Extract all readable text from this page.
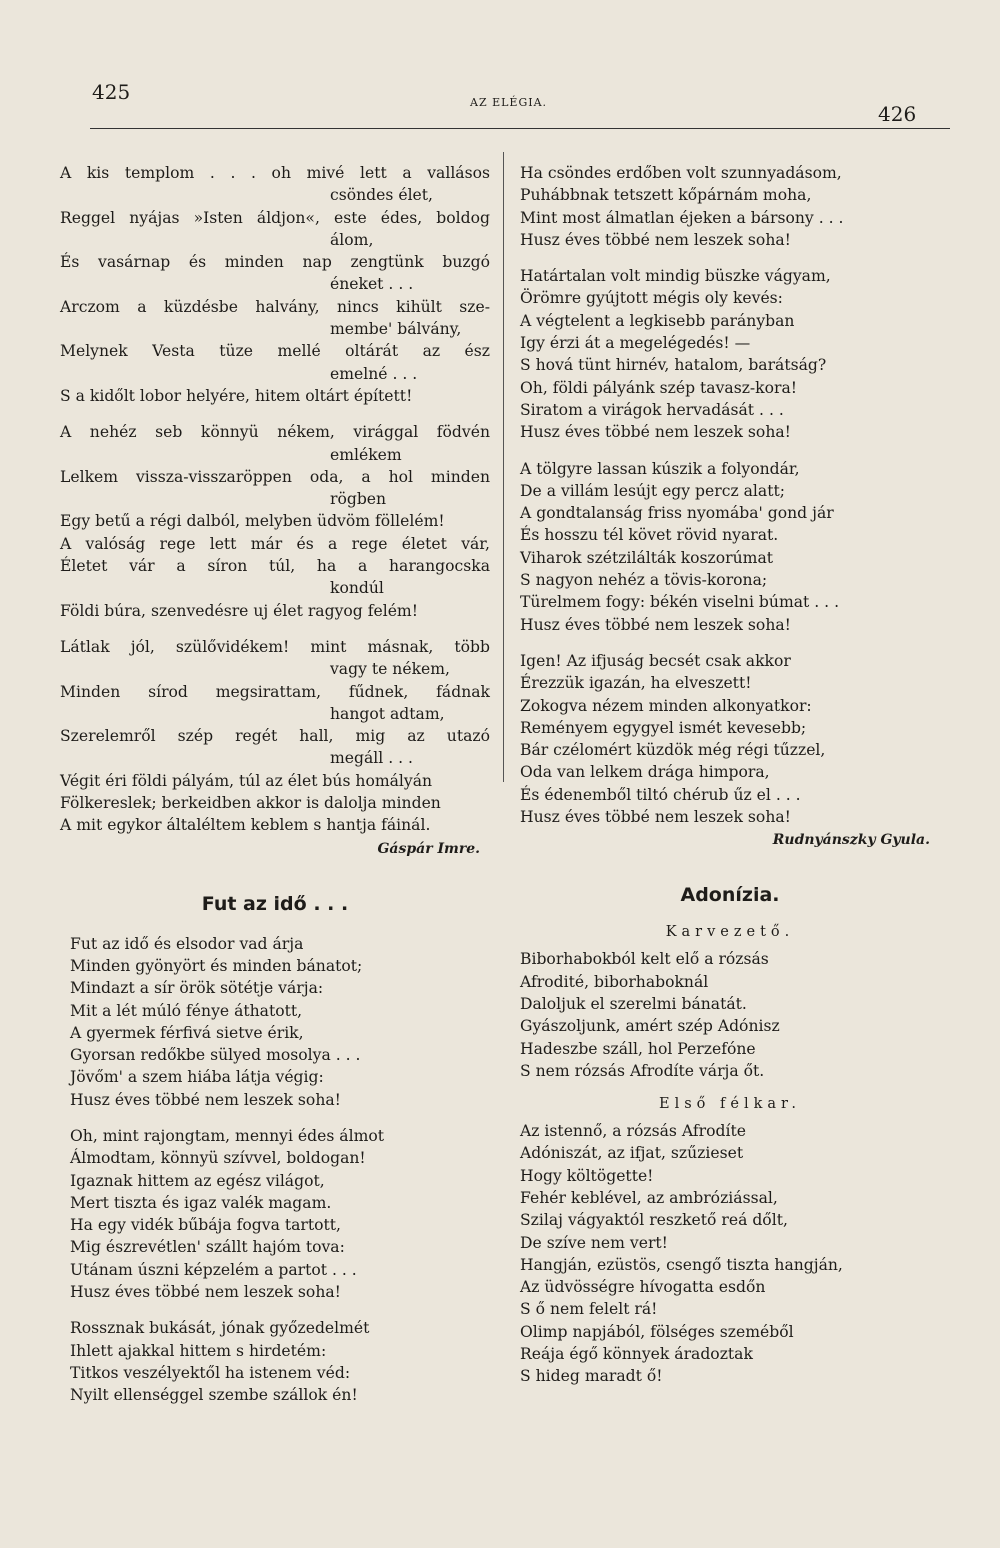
425	AZ ELÉGIA.	426
A kis templom . . . oh mivé lett a vallásos
csöndes élet,
Reggel nyájas »Isten áldjon«, este édes, boldog
álom,
És vasárnap és minden nap zengtünk buzgó
éneket . . .
Arczom a küzdésbe halvány, nincs kihült sze-
membe' bálvány,
Melynek Vesta tüze mellé oltárát az ész
emelné . . .
S a kidőlt lobor helyére, hitem oltárt épített!
A nehéz seb könnyü nékem, virággal födvén
emlékem
Lelkem vissza-visszaröppen oda, a hol minden
rögben
Egy betű a régi dalból, melyben üdvöm föllelém!
A valóság rege lett már és a rege életet vár,
Életet vár a síron túl, ha a harangocska
kondúl
Földi búra, szenvedésre uj élet ragyog felém!
Látlak jól, szülővidékem! mint másnak, több
vagy te nékem,
Minden sírod megsirattam, fűdnek, fádnak
hangot adtam,
Szerelemről szép regét hall, mig az utazó
megáll . . .
Végit éri földi pályám, túl az élet bús homályán
Fölkereslek; berkeidben akkor is dalolja minden
A mit egykor általéltem keblem s hantja fáinál.
Gáspár Imre.
Fut az idő . . .
Fut az idő és elsodor vad árja
Minden gyönyört és minden bánatot;
Mindazt a sír örök sötétje várja:
Mit a lét múló fénye áthatott,
A gyermek férfivá sietve érik,
Gyorsan redőkbe sülyed mosolya . . .
Jövőm' a szem hiába látja végig:
Husz éves többé nem leszek soha!
Oh, mint rajongtam, mennyi édes álmot
Álmodtam, könnyü szívvel, boldogan!
Igaznak hittem az egész világot,
Mert tiszta és igaz valék magam.
Ha egy vidék bűbája fogva tartott,
Mig észrevétlen' szállt hajóm tova:
Utánam úszni képzelém a partot . . .
Husz éves többé nem leszek soha!
Rossznak bukását, jónak győzedelmét
Ihlett ajakkal hittem s hirdetém:
Titkos veszélyektől ha istenem véd:
Nyilt ellenséggel szembe szállok én!
Ha csöndes erdőben volt szunnyadásom,
Puhábbnak tetszett kőpárnám moha,
Mint most álmatlan éjeken a bársony . . .
Husz éves többé nem leszek soha!
Határtalan volt mindig büszke vágyam,
Örömre gyújtott mégis oly kevés:
A végtelent a legkisebb parányban
Igy érzi át a megelégedés! —
S hová tünt hirnév, hatalom, barátság?
Oh, földi pályánk szép tavasz-kora!
Siratom a virágok hervadását . . .
Husz éves többé nem leszek soha!
A tölgyre lassan kúszik a folyondár,
De a villám lesújt egy percz alatt;
A gondtalanság friss nyomába' gond jár
És hosszu tél követ rövid nyarat.
Viharok szétzilálták koszorúmat
S nagyon nehéz a tövis-korona;
Türelmem fogy: békén viselni búmat . . .
Husz éves többé nem leszek soha!
Igen! Az ifjuság becsét csak akkor
Érezzük igazán, ha elveszett!
Zokogva nézem minden alkonyatkor:
Reményem egygyel ismét kevesebb;
Bár czélomért küzdök még régi tűzzel,
Oda van lelkem drága himpora,
És édenemből tiltó chérub űz el . . .
Husz éves többé nem leszek soha!
Rudnyánszky Gyula.
Adonízia.
Karvezető.
Biborhabokból kelt elő a rózsás
Afrodité, biborhaboknál
Daloljuk el szerelmi bánatát.
Gyászoljunk, amért szép Adónisz
Hadeszbe száll, hol Perzefóne
S nem rózsás Afrodíte várja őt.
Első félkar.
Az istennő, a rózsás Afrodíte
Adóniszát, az ifjat, szűzieset
Hogy költögette!
Fehér keblével, az ambróziással,
Szilaj vágyaktól reszkető reá dőlt,
De szíve nem vert!
Hangján, ezüstös, csengő tiszta hangján,
Az üdvösségre hívogatta esdőn
S ő nem felelt rá!
Olimp napjából, fölséges szeméből
Reája égő könnyek áradoztak
S hideg maradt ő!
